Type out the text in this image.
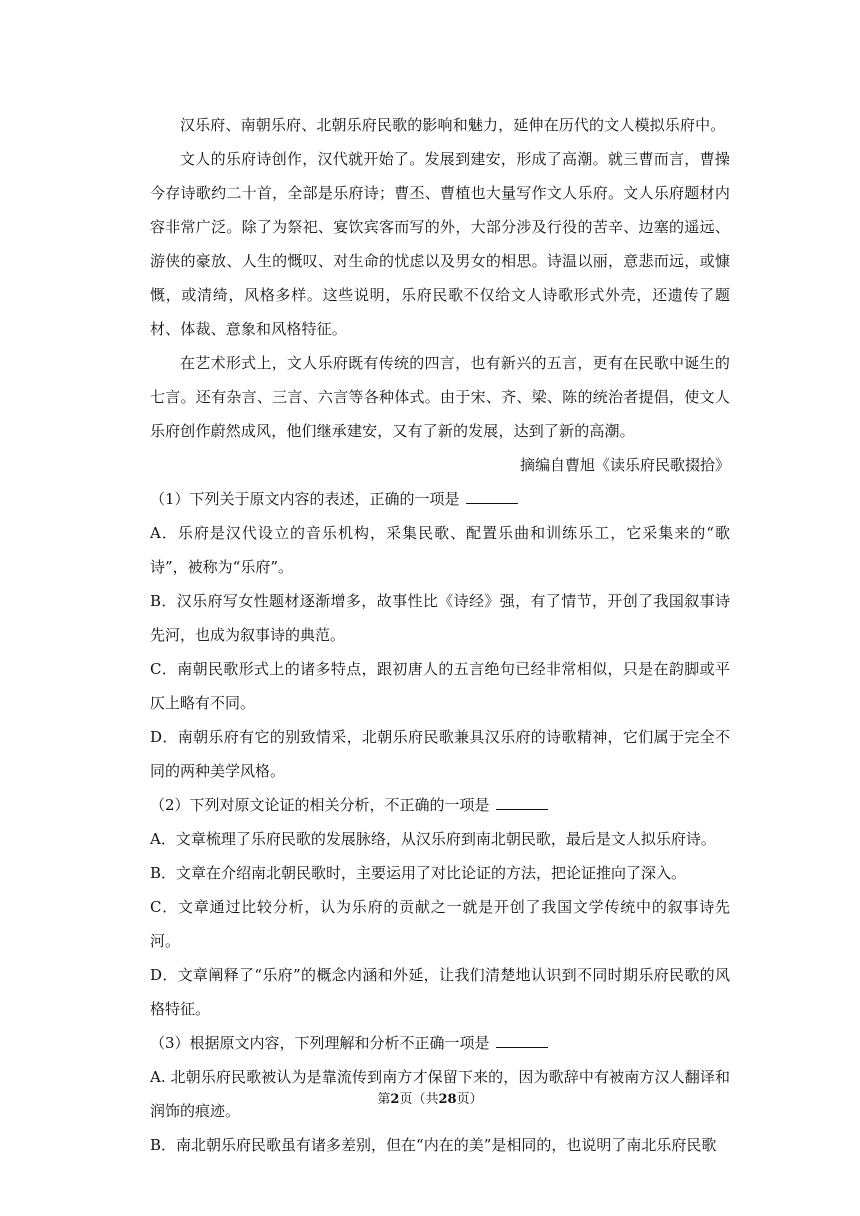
汉乐府、南朝乐府、北朝乐府民歌的影响和魅力，延伸在历代的文人模拟乐府中。

文人的乐府诗创作，汉代就开始了。发展到建安，形成了高潮。就三曹而言，曹操今存诗歌约二十首，全部是乐府诗；曹丕、曹植也大量写作文人乐府。文人乐府题材内容非常广泛。除了为祭祀、宴饮宾客而写的外，大部分涉及行役的苦辛、边塞的遥远、游侠的豪放、人生的慨叹、对生命的忧虑以及男女的相思。诗温以丽，意悲而远，或慷慨，或清绮，风格多样。这些说明，乐府民歌不仅给文人诗歌形式外壳，还遗传了题材、体裁、意象和风格特征。

在艺术形式上，文人乐府既有传统的四言，也有新兴的五言，更有在民歌中诞生的七言。还有杂言、三言、六言等各种体式。由于宋、齐、梁、陈的统治者提倡，使文人乐府创作蔚然成风，他们继承建安，又有了新的发展，达到了新的高潮。

摘编自曹旭《读乐府民歌掇拾》

（1）下列关于原文内容的表述，正确的一项是

A．乐府是汉代设立的音乐机构，采集民歌、配置乐曲和训练乐工，它采集来的“歌诗”，被称为“乐府”。

B．汉乐府写女性题材逐渐增多，故事性比《诗经》强，有了情节，开创了我国叙事诗先河，也成为叙事诗的典范。

C．南朝民歌形式上的诸多特点，跟初唐人的五言绝句已经非常相似，只是在韵脚或平仄上略有不同。

D．南朝乐府有它的别致情采，北朝乐府民歌兼具汉乐府的诗歌精神，它们属于完全不同的两种美学风格。

（2）下列对原文论证的相关分析，不正确的一项是

A．文章梳理了乐府民歌的发展脉络，从汉乐府到南北朝民歌，最后是文人拟乐府诗。

B．文章在介绍南北朝民歌时，主要运用了对比论证的方法，把论证推向了深入。

C．文章通过比较分析，认为乐府的贡献之一就是开创了我国文学传统中的叙事诗先河。

D．文章阐释了“乐府”的概念内涵和外延，让我们清楚地认识到不同时期乐府民歌的风格特征。

（3）根据原文内容，下列理解和分析不正确一项是

A. 北朝乐府民歌被认为是靠流传到南方才保留下来的，因为歌辞中有被南方汉人翻译和润饰的痕迹。

B．南北朝乐府民歌虽有诸多差别，但在“内在的美”是相同的，也说明了南北乐府民歌

第2页（共28页）
